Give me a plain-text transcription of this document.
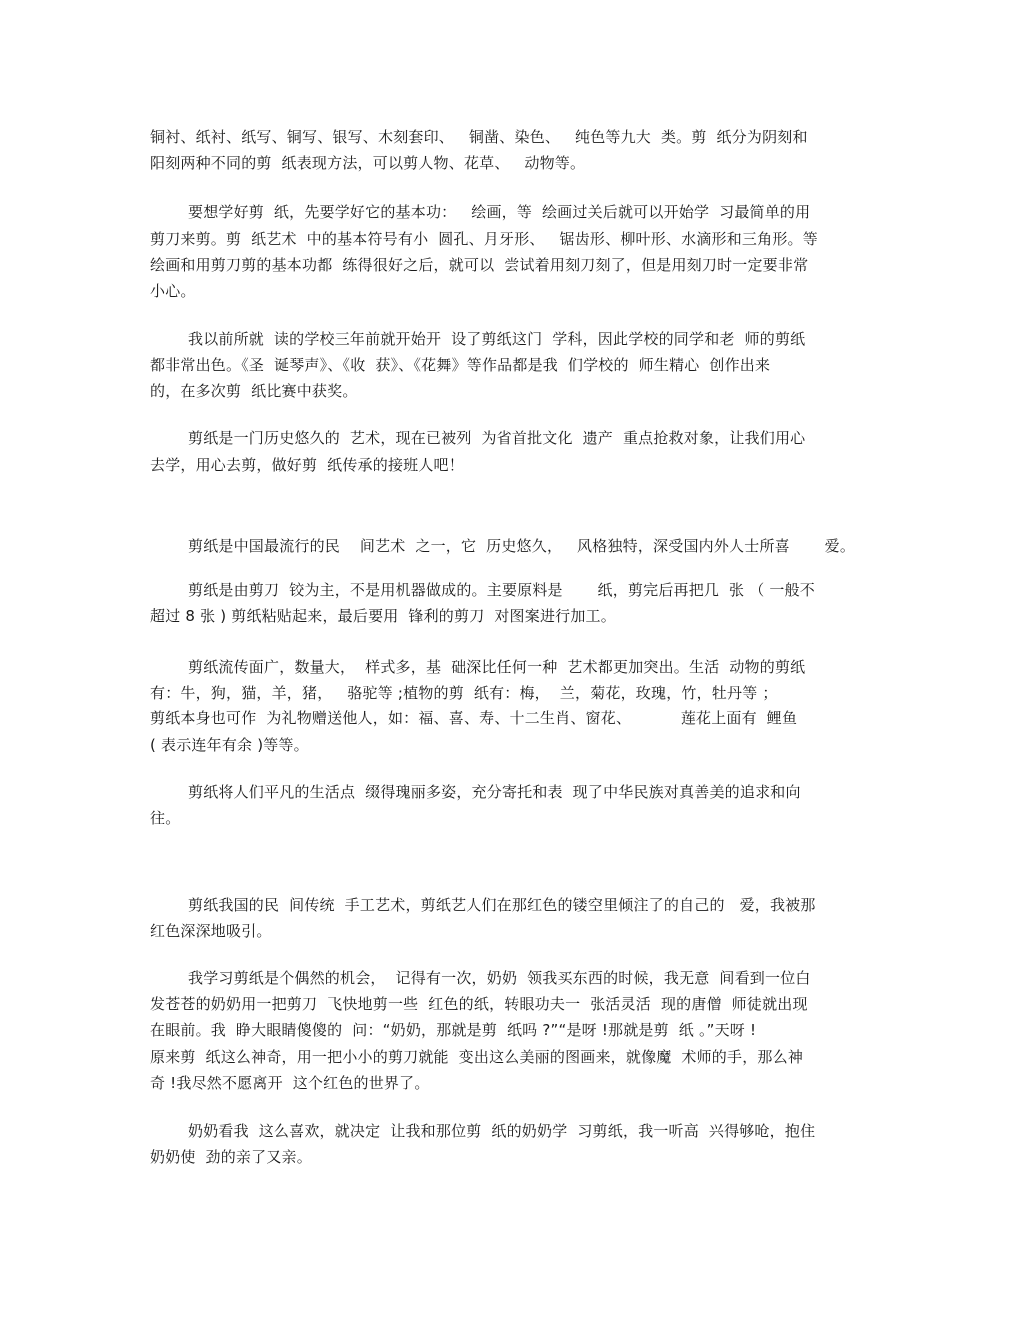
铜衬、纸衬、纸写、铜写、银写、木刻套印、   铜凿、染色、   纯色等九大  类。剪  纸分为阴刻和
阳刻两种不同的剪  纸表现方法，可以剪人物、花草、   动物等。
要想学好剪  纸，先要学好它的基本功：   绘画，等  绘画过关后就可以开始学  习最简单的用
剪刀来剪。剪  纸艺术  中的基本符号有小  圆孔、月牙形、   锯齿形、柳叶形、水滴形和三角形。等
绘画和用剪刀剪的基本功都  练得很好之后，就可以  尝试着用刻刀刻了，但是用刻刀时一定要非常
小心。
我以前所就  读的学校三年前就开始开  设了剪纸这门  学科，因此学校的同学和老  师的剪纸
都非常出色。《圣  诞琴声》、《收  获》、《花舞》等作品都是我  们学校的  师生精心  创作出来
的，在多次剪  纸比赛中获奖。
剪纸是一门历史悠久的  艺术，现在已被列  为省首批文化  遗产  重点抢救对象，让我们用心
去学，用心去剪，做好剪  纸传承的接班人吧！
剪纸是中国最流行的民    间艺术  之一，它  历史悠久，   风格独特，深受国内外人士所喜       爱。
剪纸是由剪刀  铰为主，不是用机器做成的。主要原料是       纸，剪完后再把几  张 （ 一般不
超过 8 张 ) 剪纸粘贴起来，最后要用  锋利的剪刀  对图案进行加工。
剪纸流传面广，数量大，  样式多，基  础深比任何一种  艺术都更加突出。生活  动物的剪纸
有：牛，狗，猫，羊，猪，   骆驼等 ;植物的剪  纸有：梅，  兰，菊花，玫瑰，竹，牡丹等 ；
剪纸本身也可作  为礼物赠送他人，如：福、喜、寿、十二生肖、窗花、          莲花上面有  鲤鱼
( 表示连年有余 )等等。
剪纸将人们平凡的生活点  缀得瑰丽多姿，充分寄托和表  现了中华民族对真善美的追求和向
往。
剪纸我国的民  间传统  手工艺术，剪纸艺人们在那红色的镂空里倾注了的自己的   爱，我被那
红色深深地吸引。
我学习剪纸是个偶然的机会，  记得有一次，奶奶  领我买东西的时候，我无意  间看到一位白
发苍苍的奶奶用一把剪刀  飞快地剪一些  红色的纸，转眼功夫一  张活灵活  现的唐僧  师徒就出现
在眼前。我  睁大眼睛傻傻的  问：“奶奶，那就是剪  纸吗 ?”“是呀 !那就是剪  纸 。”天呀 !
原来剪  纸这么神奇，用一把小小的剪刀就能  变出这么美丽的图画来，就像魔  术师的手，那么神
奇 !我尽然不愿离开  这个红色的世界了。
奶奶看我  这么喜欢，就决定  让我和那位剪  纸的奶奶学  习剪纸，我一听高  兴得够呛，抱住
奶奶使  劲的亲了又亲。
